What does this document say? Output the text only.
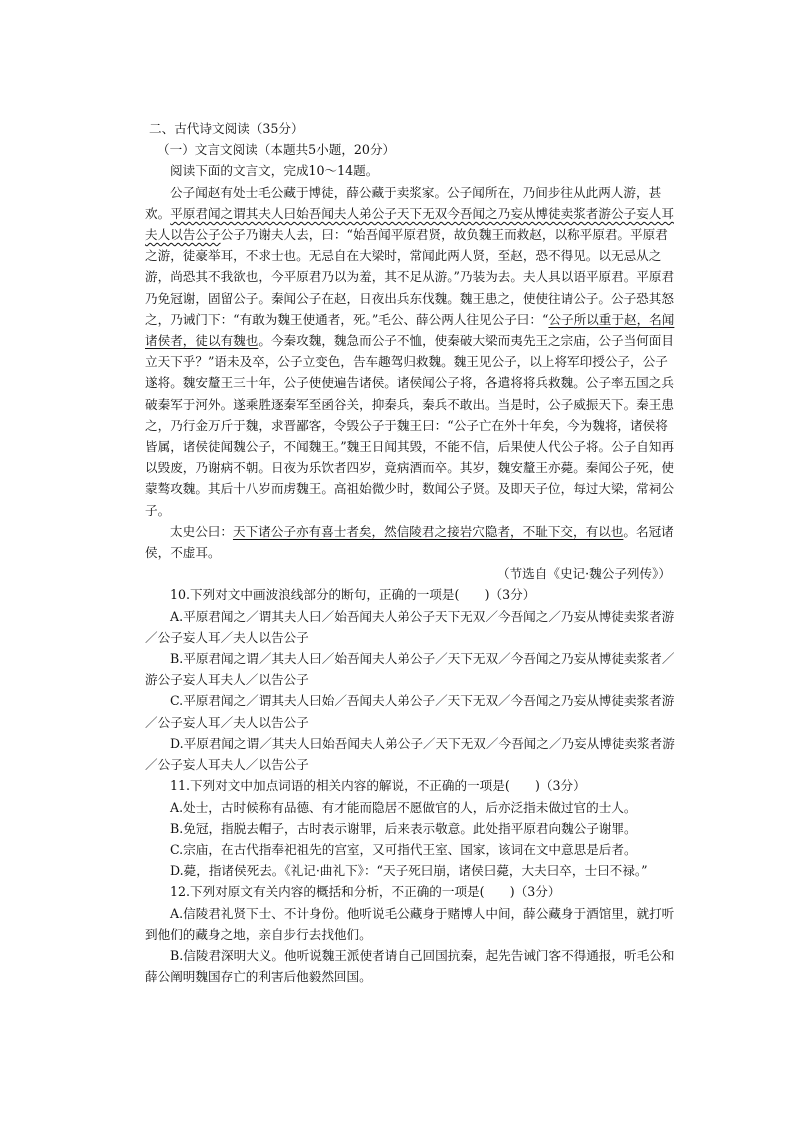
二、古代诗文阅读（35分）

（一）文言文阅读（本题共5小题，20分）

阅读下面的文言文，完成10～14题。

公子闻赵有处士毛公藏于博徒，薛公藏于卖浆家。公子闻所在，乃间步往从此两人游，甚欢。平原君闻之谓其夫人曰始吾闻夫人弟公子天下无双今吾闻之乃妄从博徒卖浆者游公子妄人耳夫人以告公子公子乃谢夫人去，曰：“始吾闻平原君贤，故负魏王而救赵，以称平原君。平原君之游，徒豪举耳，不求士也。无忌自在大梁时，常闻此两人贤，至赵，恐不得见。以无忌从之游，尚恐其不我欲也，今平原君乃以为羞，其不足从游。”乃装为去。夫人具以语平原君。平原君乃免冠谢，固留公子。秦闻公子在赵，日夜出兵东伐魏。魏王患之，使使往请公子。公子恐其怒之，乃诫门下：“有敢为魏王使通者，死。”毛公、薛公两人往见公子曰：“公子所以重于赵，名闻诸侯者，徒以有魏也。今秦攻魏，魏急而公子不恤，使秦破大梁而夷先王之宗庙，公子当何面目立天下乎？”语未及卒，公子立变色，告车趣驾归救魏。魏王见公子，以上将军印授公子，公子遂将。魏安釐王三十年，公子使使遍告诸侯。诸侯闻公子将，各遣将将兵救魏。公子率五国之兵破秦军于河外。遂乘胜逐秦军至函谷关，抑秦兵，秦兵不敢出。当是时，公子威振天下。秦王患之，乃行金万斤于魏，求晋鄙客，令毁公子于魏王曰：“公子亡在外十年矣，今为魏将，诸侯将皆属，诸侯徒闻魏公子，不闻魏王。”魏王日闻其毁，不能不信，后果使人代公子将。公子自知再以毁废，乃谢病不朝。日夜为乐饮者四岁，竟病酒而卒。其岁，魏安釐王亦薨。秦闻公子死，使蒙骜攻魏。其后十八岁而虏魏王。高祖始微少时，数闻公子贤。及即天子位，每过大梁，常祠公子。

太史公曰：天下诸公子亦有喜士者矣，然信陵君之接岩穴隐者，不耻下交，有以也。名冠诸侯，不虚耳。

（节选自《史记·魏公子列传》）

10.下列对文中画波浪线部分的断句，正确的一项是(　　)（3分）

A.平原君闻之／谓其夫人曰／始吾闻夫人弟公子天下无双／今吾闻之／乃妄从博徒卖浆者游／公子妄人耳／夫人以告公子

B.平原君闻之谓／其夫人曰／始吾闻夫人弟公子／天下无双／今吾闻之乃妄从博徒卖浆者／游公子妄人耳夫人／以告公子

C.平原君闻之／谓其夫人曰始／吾闻夫人弟公子／天下无双／今吾闻之乃妄从博徒卖浆者游／公子妄人耳／夫人以告公子

D.平原君闻之谓／其夫人曰始吾闻夫人弟公子／天下无双／今吾闻之／乃妄从博徒卖浆者游／公子妄人耳夫人／以告公子

11.下列对文中加点词语的相关内容的解说，不正确的一项是(　　)（3分）

A.处士，古时候称有品德、有才能而隐居不愿做官的人，后亦泛指未做过官的士人。

B.免冠，指脱去帽子，古时表示谢罪，后来表示敬意。此处指平原君向魏公子谢罪。

C.宗庙，在古代指奉祀祖先的宫室，又可指代王室、国家，该词在文中意思是后者。

D.薨，指诸侯死去。《礼记·曲礼下》：“天子死曰崩，诸侯曰薨，大夫曰卒，士曰不禄。”

12.下列对原文有关内容的概括和分析，不正确的一项是(　　)（3分）

A.信陵君礼贤下士、不计身份。他听说毛公藏身于赌博人中间，薛公藏身于酒馆里，就打听到他们的藏身之地，亲自步行去找他们。

B.信陵君深明大义。他听说魏王派使者请自己回国抗秦，起先告诫门客不得通报，听毛公和薛公阐明魏国存亡的利害后他毅然回国。
